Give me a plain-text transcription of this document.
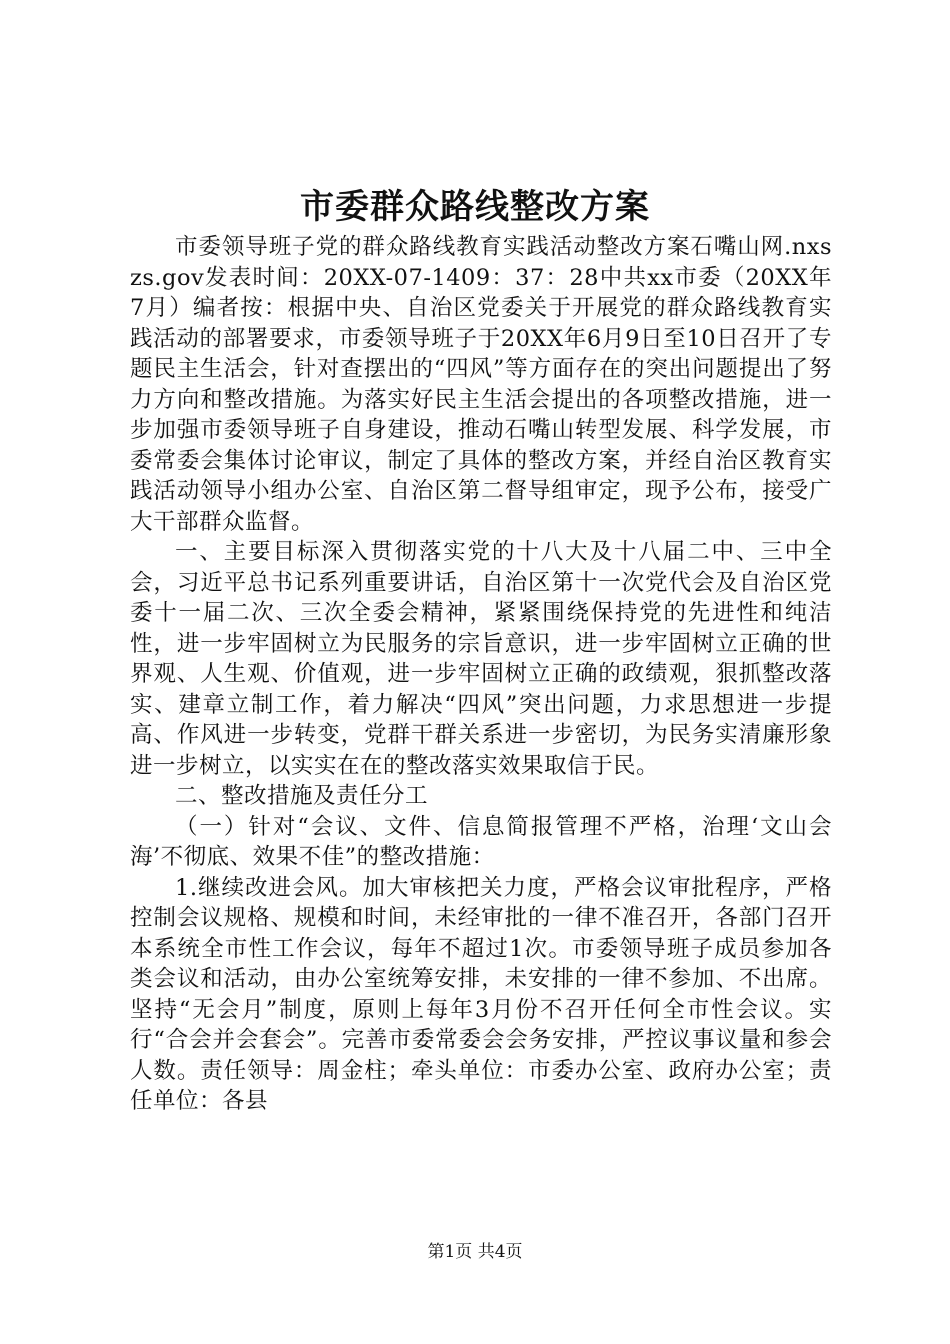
市委群众路线整改方案

市委领导班子党的群众路线教育实践活动整改方案石嘴山网.nxszs.gov发表时间：20XX-07-1409：37：28中共xx市委（20XX年7月）编者按：根据中央、自治区党委关于开展党的群众路线教育实践活动的部署要求，市委领导班子于20XX年6月9日至10日召开了专题民主生活会，针对查摆出的“四风”等方面存在的突出问题提出了努力方向和整改措施。为落实好民主生活会提出的各项整改措施，进一步加强市委领导班子自身建设，推动石嘴山转型发展、科学发展，市委常委会集体讨论审议，制定了具体的整改方案，并经自治区教育实践活动领导小组办公室、自治区第二督导组审定，现予公布，接受广大干部群众监督。

一、主要目标深入贯彻落实党的十八大及十八届二中、三中全会，习近平总书记系列重要讲话，自治区第十一次党代会及自治区党委十一届二次、三次全委会精神，紧紧围绕保持党的先进性和纯洁性，进一步牢固树立为民服务的宗旨意识，进一步牢固树立正确的世界观、人生观、价值观，进一步牢固树立正确的政绩观，狠抓整改落实、建章立制工作，着力解决“四风”突出问题，力求思想进一步提高、作风进一步转变，党群干群关系进一步密切，为民务实清廉形象进一步树立，以实实在在的整改落实效果取信于民。

二、整改措施及责任分工

（一）针对“会议、文件、信息简报管理不严格，治理‘文山会海’不彻底、效果不佳”的整改措施：

1.继续改进会风。加大审核把关力度，严格会议审批程序，严格控制会议规格、规模和时间，未经审批的一律不准召开，各部门召开本系统全市性工作会议，每年不超过1次。市委领导班子成员参加各类会议和活动，由办公室统筹安排，未安排的一律不参加、不出席。坚持“无会月”制度，原则上每年3月份不召开任何全市性会议。实行“合会并会套会”。完善市委常委会会务安排，严控议事议量和参会人数。责任领导：周金柱；牵头单位：市委办公室、政府办公室；责任单位：各县

第1页 共4页
